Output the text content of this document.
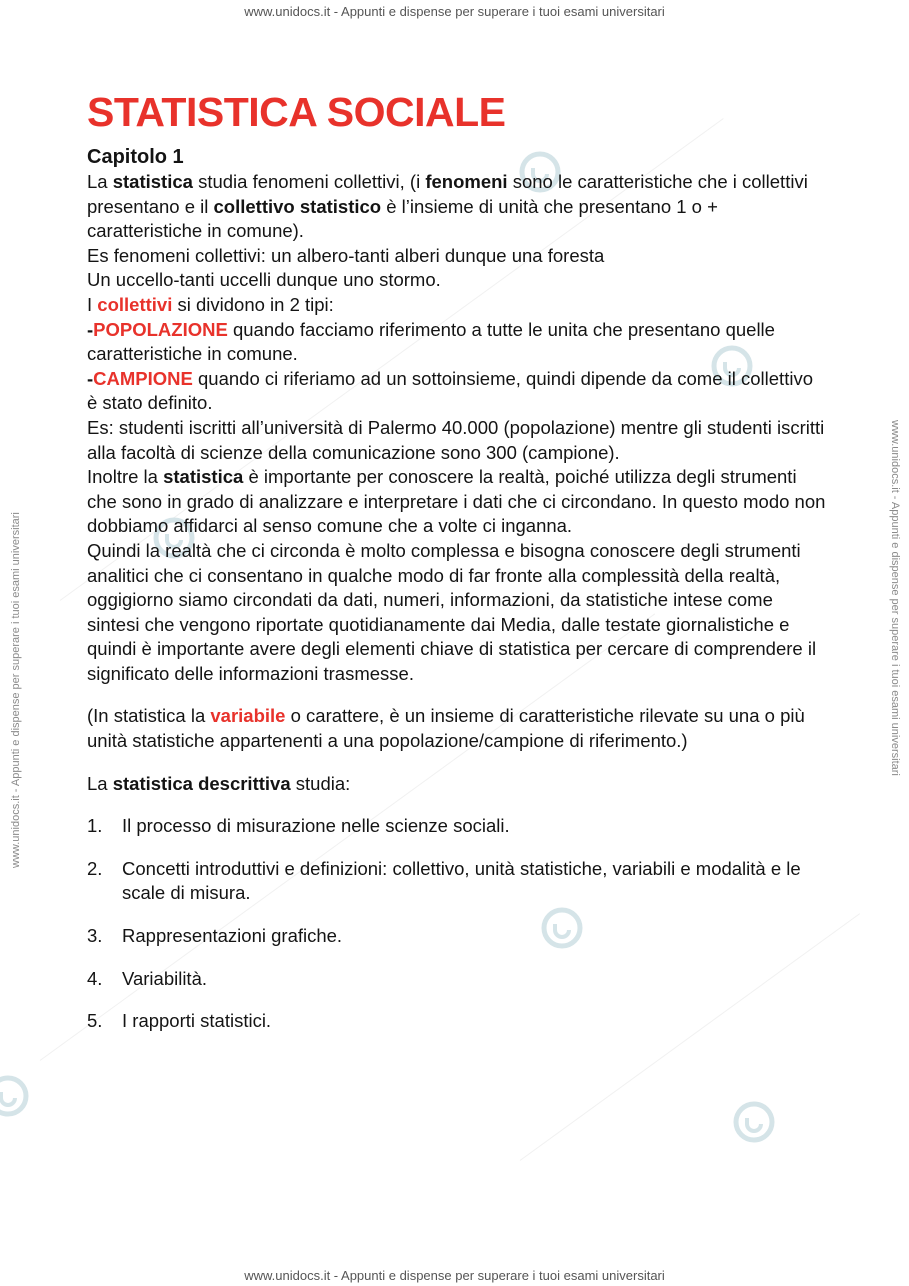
www.unidocs.it - Appunti e dispense per superare i tuoi esami universitari
www.unidocs.it - Appunti e dispense per superare i tuoi esami universitari
www.unidocs.it - Appunti e dispense per superare i tuoi esami universitari	www.unidocs.it - Appunti e dispense per superare i tuoi esami universitari
STATISTICA SOCIALE
Capitolo 1

La statistica studia fenomeni collettivi, (i fenomeni sono le caratteristiche che i collettivi presentano e il collettivo statistico è l’insieme di unità che presentano 1 o + caratteristiche in comune).

Es fenomeni collettivi: un albero-tanti alberi dunque una foresta

Un uccello-tanti uccelli dunque uno stormo.

I collettivi si dividono in 2 tipi:

-POPOLAZIONE quando facciamo riferimento a tutte le unita che presentano quelle caratteristiche in comune.

-CAMPIONE quando ci riferiamo ad un sottoinsieme, quindi dipende da come il collettivo è stato definito.

Es: studenti iscritti all’università di Palermo 40.000 (popolazione) mentre gli studenti iscritti alla facoltà di scienze della comunicazione sono 300 (campione).

Inoltre la statistica è importante per conoscere la realtà, poiché utilizza degli strumenti che sono in grado di analizzare e interpretare i dati che ci circondano. In questo modo non dobbiamo affidarci al senso comune che a volte ci inganna.

Quindi la realtà che ci circonda è molto complessa e bisogna conoscere degli strumenti analitici che ci consentano in qualche modo di far fronte alla complessità della realtà, oggigiorno siamo circondati da dati, numeri, informazioni, da statistiche intese come sintesi che vengono riportate quotidianamente dai Media, dalle testate giornalistiche e quindi è importante avere degli elementi chiave di statistica per cercare di comprendere il significato delle informazioni trasmesse.

(In statistica la variabile o carattere, è un insieme di caratteristiche rilevate su una o più unità statistiche appartenenti a una popolazione/campione di riferimento.)

La statistica descrittiva studia:

1. Il processo di misurazione nelle scienze sociali.
2. Concetti introduttivi e definizioni: collettivo, unità statistiche, variabili e modalità e le scale di misura.
3. Rappresentazioni grafiche.
4. Variabilità.
5. I rapporti statistici.
